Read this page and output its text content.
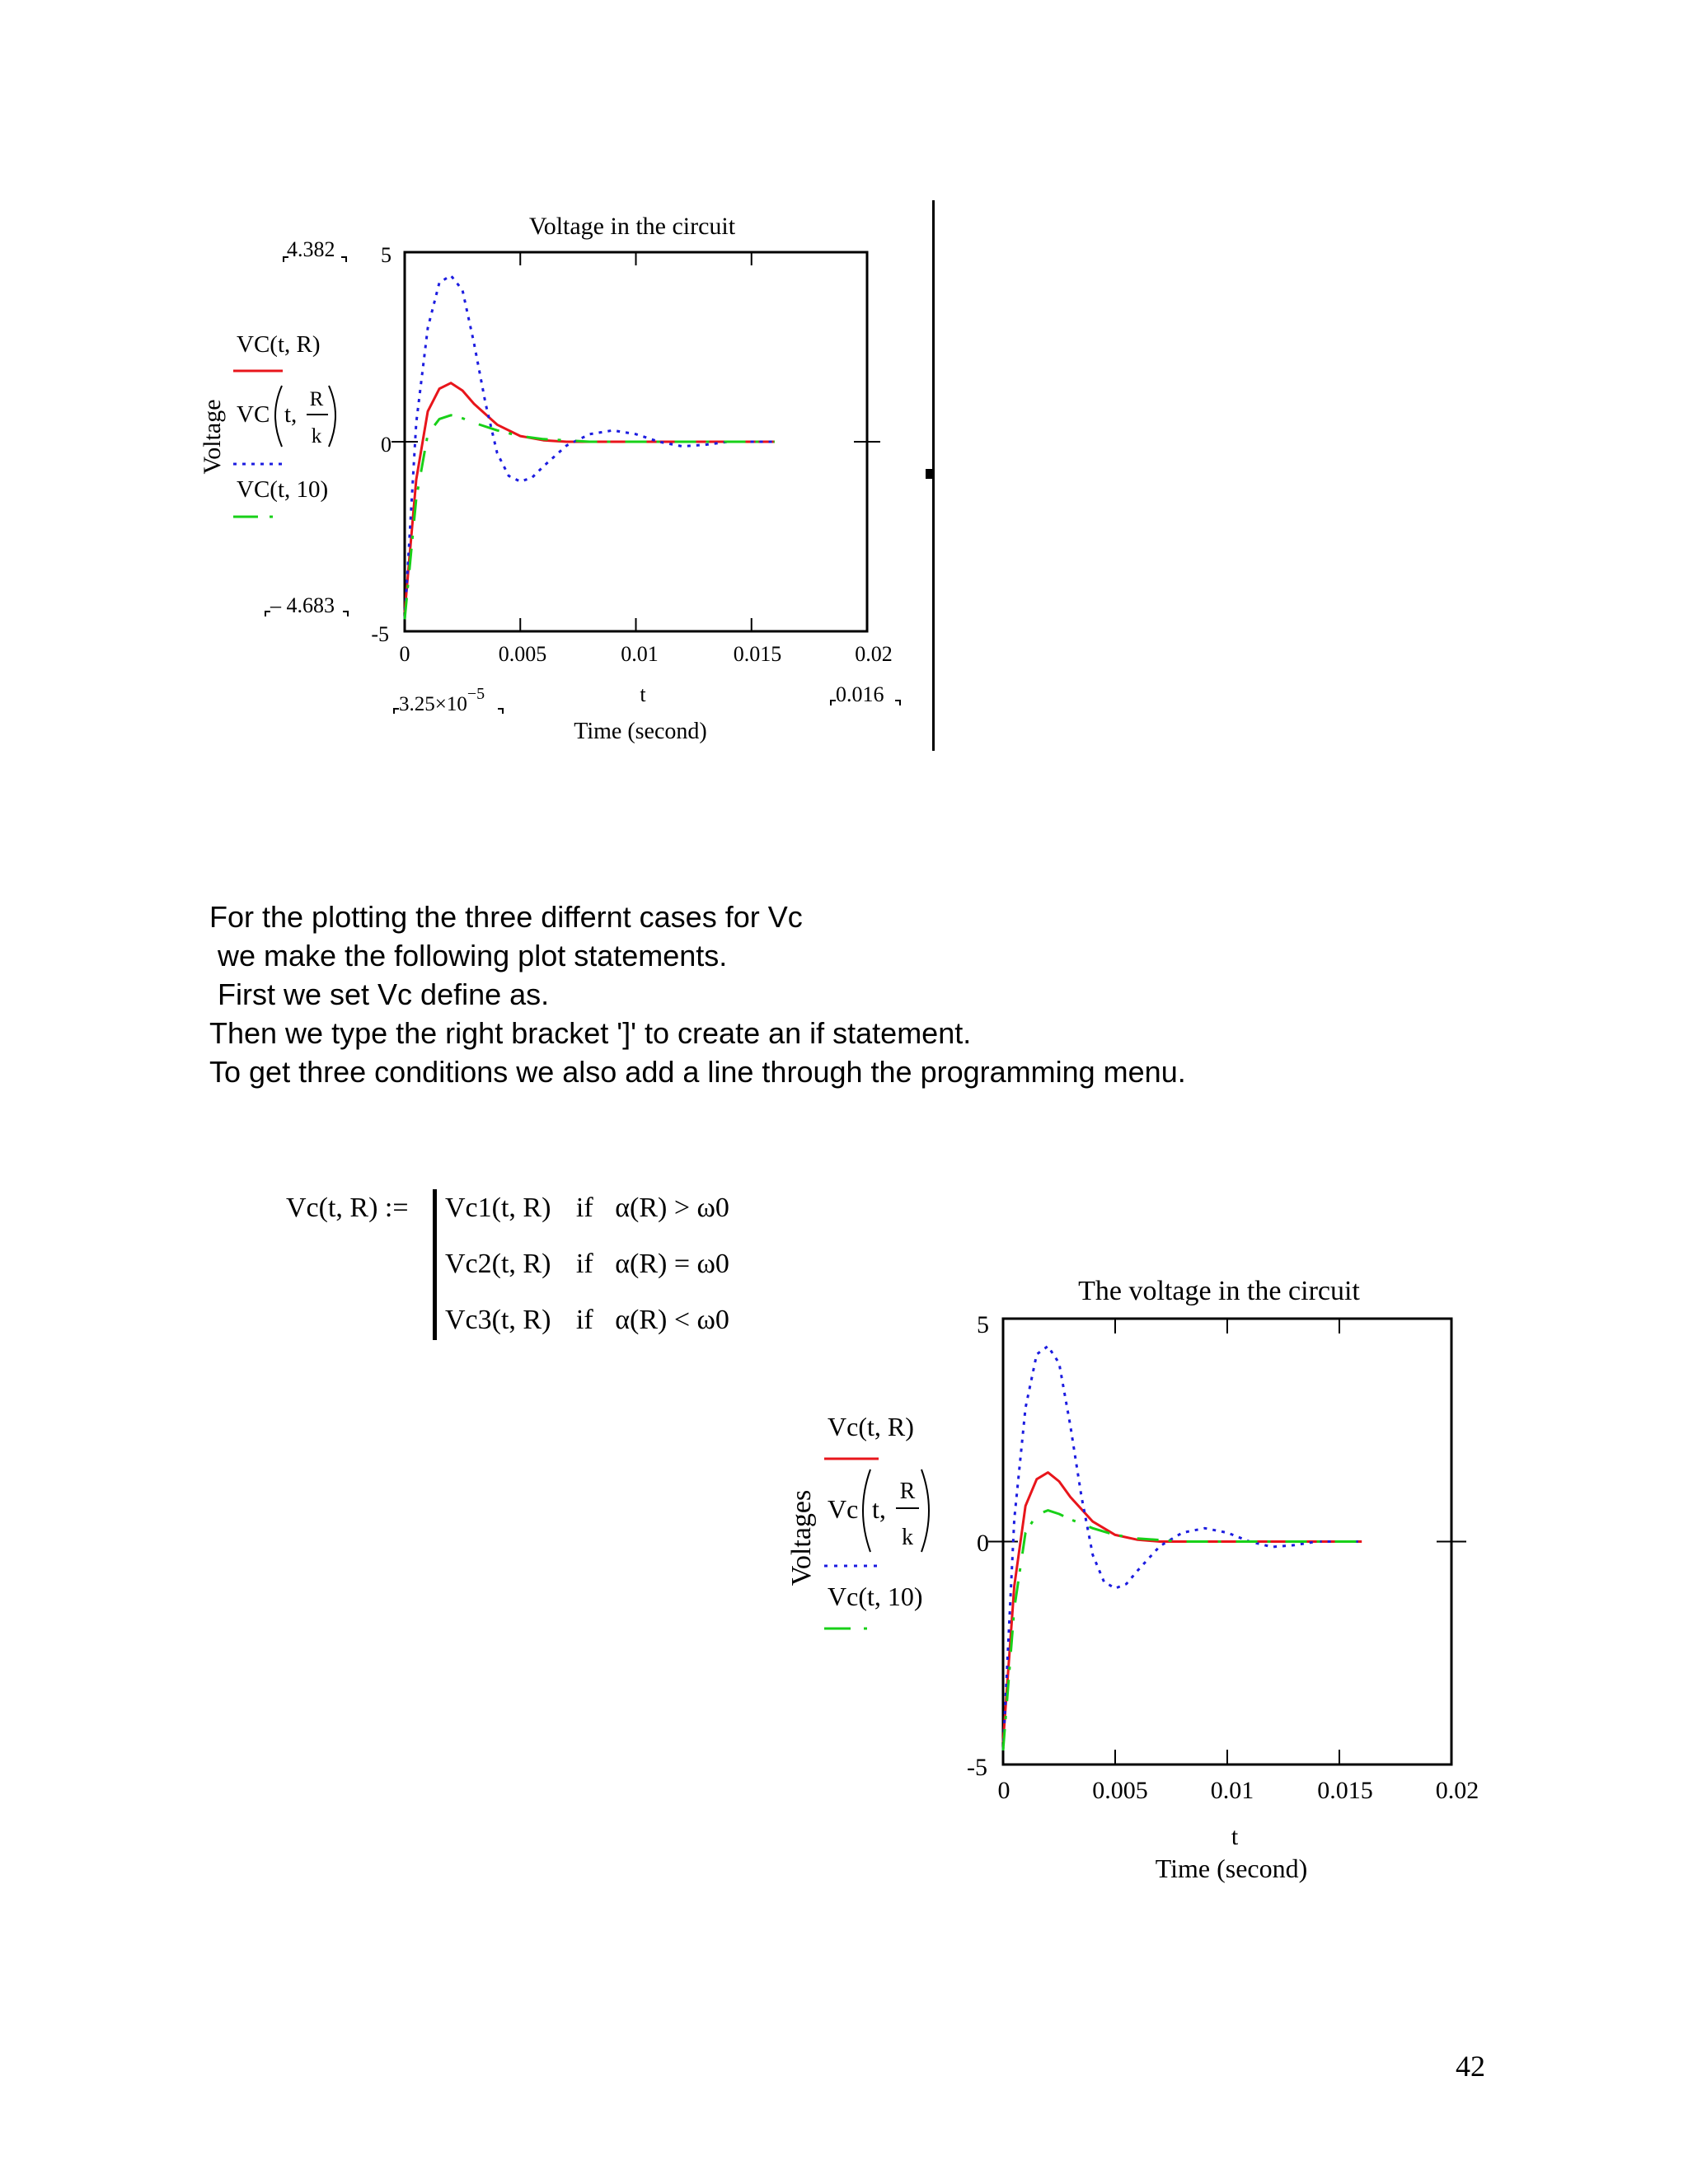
Voltage in the circuit
5
0
-5
0	0.005	0.01	0.015	0.02
t
Time (second)
Voltage
4.382
– 4.683
$3.25\times 10^{-5}$	0.016
VC(t, R)
VC t,
R
k
VC(t, 10)
For the plotting the three differnt cases for Vc
we make the following plot statements.
First we set Vc define as.
Then we type the right bracket ']' to create an if statement.
To get three conditions we also add a line through the programming menu.
Vc(t, R) := Vc1(t, R) if α(R) > ω0
Vc2(t, R) if α(R) = ω0
Vc3(t, R) if α(R) < ω0
The voltage in the circuit
5
0
-5
0	0.005	0.01	0.015	0.02
t
Time (second)
Voltages
Vc(t, R)
Vc t,
R
k
Vc(t, 10)
42
